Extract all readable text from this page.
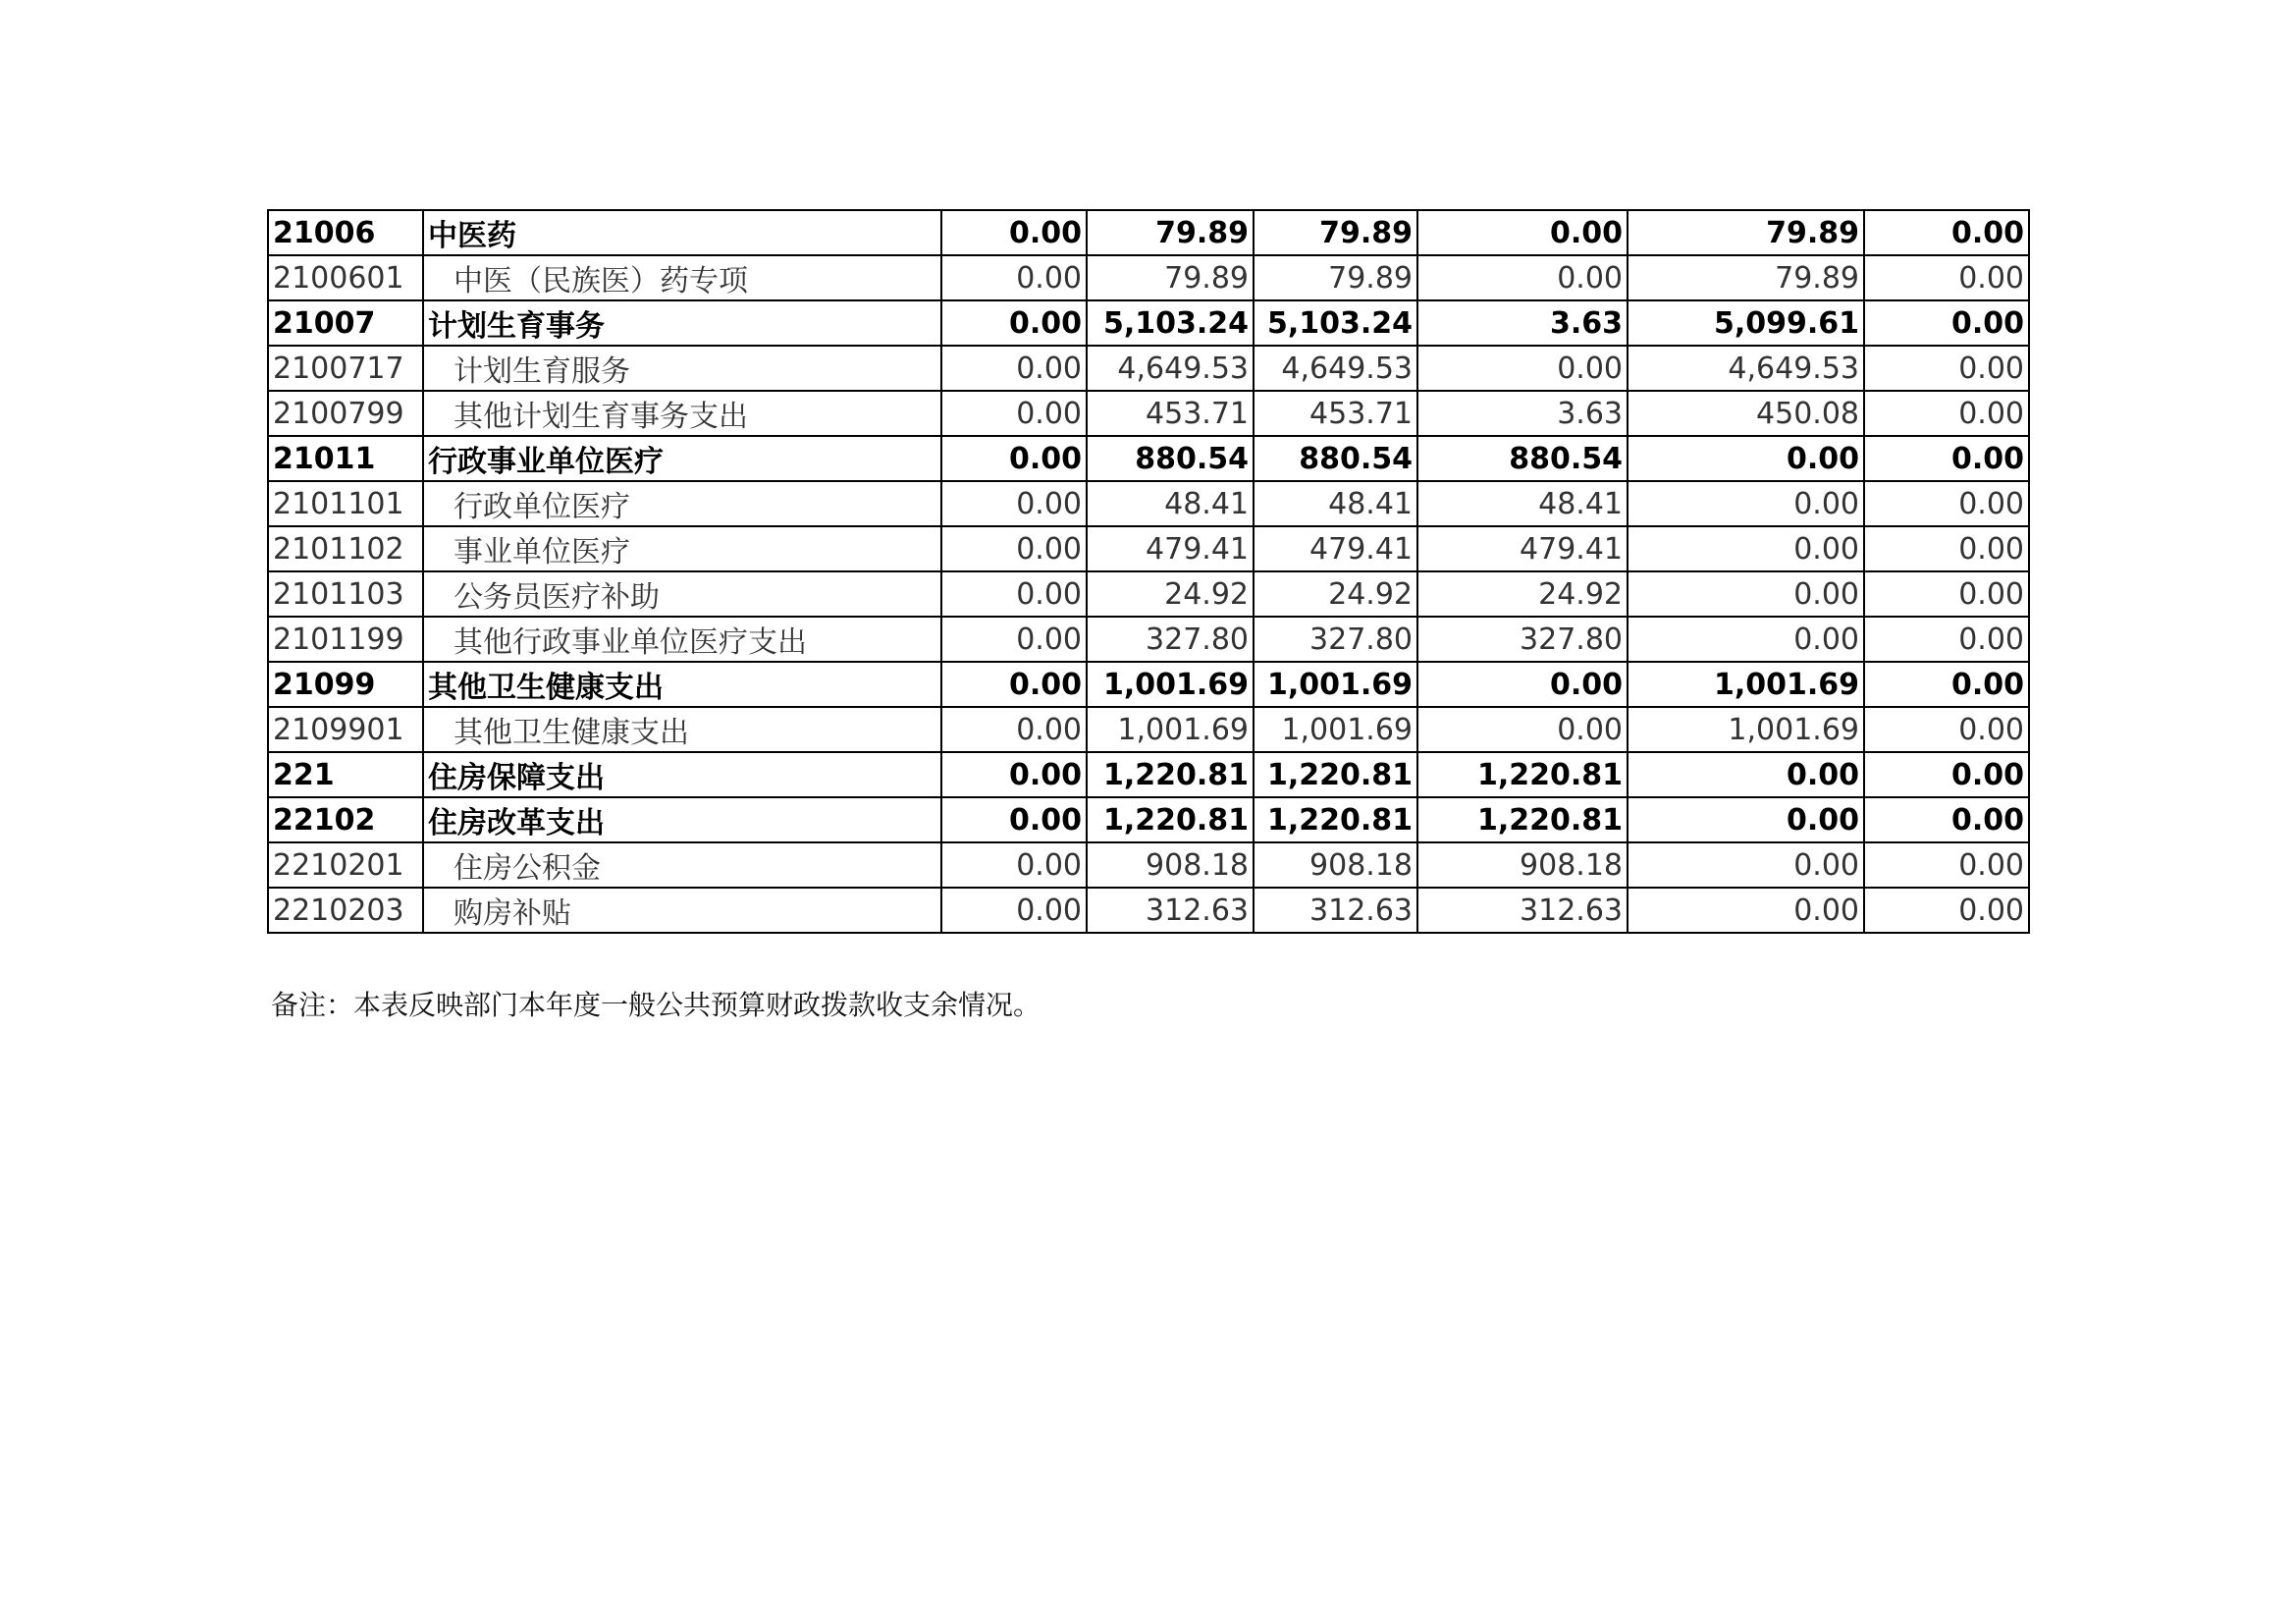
21006	中医药	0.00	79.89	79.89	0.00	79.89	0.00
2100601	中医（民族医）药专项	0.00	79.89	79.89	0.00	79.89	0.00
21007	计划生育事务	0.00	5,103.24	5,103.24	3.63	5,099.61	0.00
2100717	计划生育服务	0.00	4,649.53	4,649.53	0.00	4,649.53	0.00
2100799	其他计划生育事务支出	0.00	453.71	453.71	3.63	450.08	0.00
21011	行政事业单位医疗	0.00	880.54	880.54	880.54	0.00	0.00
2101101	行政单位医疗	0.00	48.41	48.41	48.41	0.00	0.00
2101102	事业单位医疗	0.00	479.41	479.41	479.41	0.00	0.00
2101103	公务员医疗补助	0.00	24.92	24.92	24.92	0.00	0.00
2101199	其他行政事业单位医疗支出	0.00	327.80	327.80	327.80	0.00	0.00
21099	其他卫生健康支出	0.00	1,001.69	1,001.69	0.00	1,001.69	0.00
2109901	其他卫生健康支出	0.00	1,001.69	1,001.69	0.00	1,001.69	0.00
221	住房保障支出	0.00	1,220.81	1,220.81	1,220.81	0.00	0.00
22102	住房改革支出	0.00	1,220.81	1,220.81	1,220.81	0.00	0.00
2210201	住房公积金	0.00	908.18	908.18	908.18	0.00	0.00
2210203	购房补贴	0.00	312.63	312.63	312.63	0.00	0.00
备注：本表反映部门本年度一般公共预算财政拨款收支余情况。
